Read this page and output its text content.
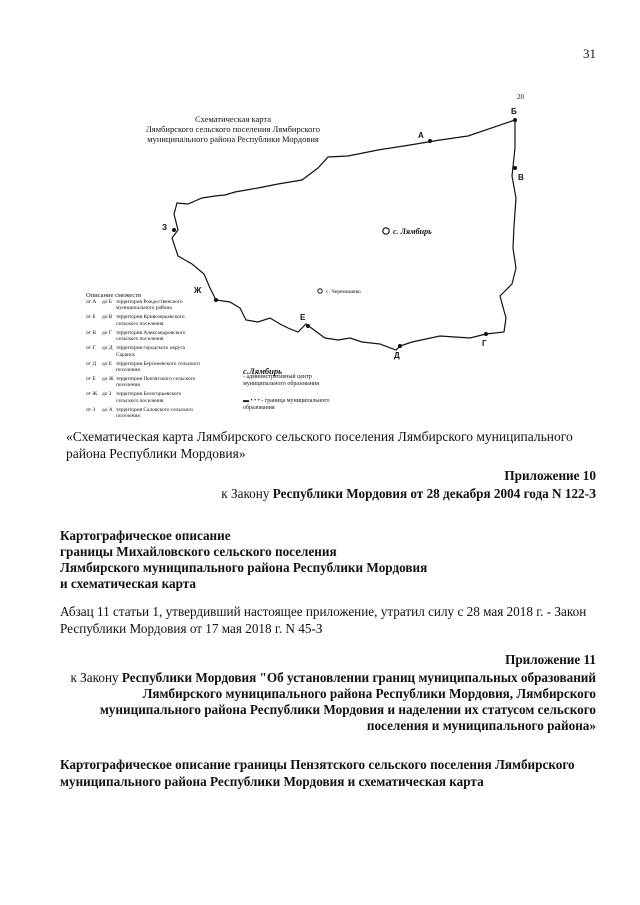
31
А
Б
В
Г
Д
Е
Ж
З	с. Лямбирь
с. Черемишево
Схематическая карта
Лямбирского сельского поселения Лямбирского
муниципального района Республики Мордовия
20
Описание смежеств
от А	до Б	территория Рождественского муниципального района
от Б	до В	территория Кривозерьевского сельского поселения
от В	до Г	территория Александровского сельского поселения
от Г	до Д	территория городского округа Саранск
от Д	до Е	территория Берсеневского сельского поселения
от Е	до Ж	территория Пензятского сельского поселения
от Ж	до З	территория Белогорьевского сельского поселения
от З	до А	территория Саловского сельского поселения
с.Лямбирь
- административный центр муниципального образования
▬ • • • - граница муниципального образования
«Схематическая карта Лямбирского сельского поселения Лямбирского муниципального района Республики Мордовия»
Приложение 10
к Закону Республики Мордовия от 28 декабря 2004 года N 122-З
Картографическое описание
границы Михайловского сельского поселения
Лямбирского муниципального района Республики Мордовия
и схематическая карта
Абзац 11 статьи 1, утвердивший настоящее приложение, утратил силу с 28 мая 2018 г. - Закон Республики Мордовия от 17 мая 2018 г. N 45-З
Приложение 11
к Закону Республики Мордовия "Об установлении границ муниципальных образований Лямбирского муниципального района Республики Мордовия, Лямбирского муниципального района Республики Мордовия и наделении их статусом сельского поселения и муниципального района»
Картографическое описание границы Пензятского сельского поселения Лямбирского муниципального района Республики Мордовия и схематическая карта
